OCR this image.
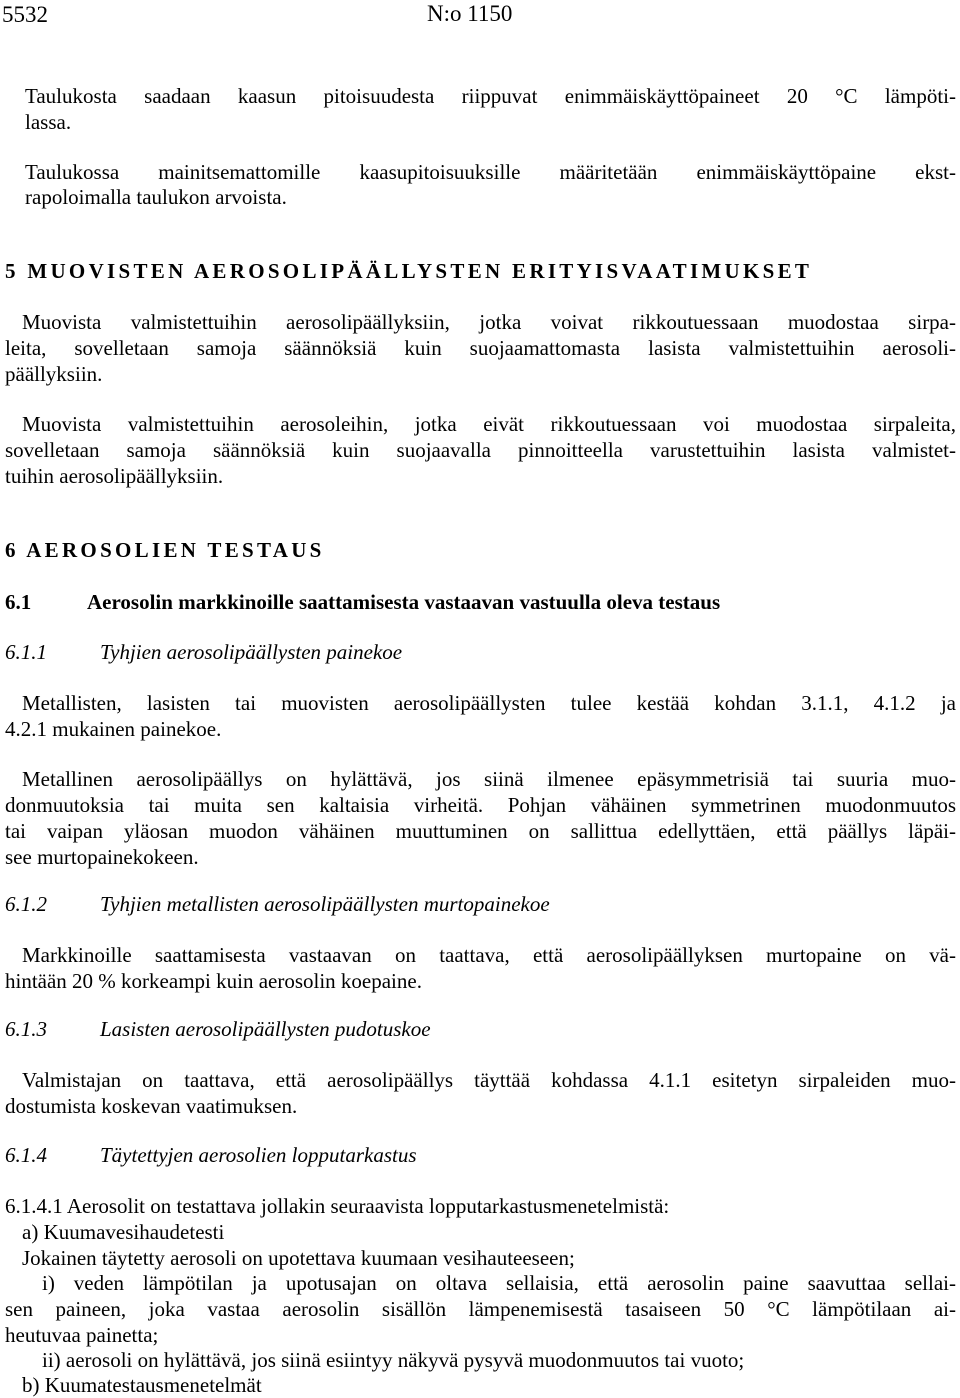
5532	N:o 1150
Taulukosta saadaan kaasun pitoisuudesta riippuvat enimmäiskäyttöpaineet 20 °C lämpöti-
lassa.
Taulukossa mainitsemattomille kaasupitoisuuksille määritetään enimmäiskäyttöpaine ekst-
rapoloimalla taulukon arvoista.
5 MUOVISTEN AEROSOLIPÄÄLLYSTEN ERITYISVAATIMUKSET
Muovista valmistettuihin aerosolipäällyksiin, jotka voivat rikkoutuessaan muodostaa sirpa-
leita, sovelletaan samoja säännöksiä kuin suojaamattomasta lasista valmistettuihin aerosoli-
päällyksiin.
Muovista valmistettuihin aerosoleihin, jotka eivät rikkoutuessaan voi muodostaa sirpaleita,
sovelletaan samoja säännöksiä kuin suojaavalla pinnoitteella varustettuihin lasista valmistet-
tuihin aerosolipäällyksiin.
6 AEROSOLIEN TESTAUS
6.1	Aerosolin markkinoille saattamisesta vastaavan vastuulla oleva testaus
6.1.1	Tyhjien aerosolipäällysten painekoe
Metallisten, lasisten tai muovisten aerosolipäällysten tulee kestää kohdan 3.1.1, 4.1.2 ja
4.2.1 mukainen painekoe.
Metallinen aerosolipäällys on hylättävä, jos siinä ilmenee epäsymmetrisiä tai suuria muo-
donmuutoksia tai muita sen kaltaisia virheitä. Pohjan vähäinen symmetrinen muodonmuutos
tai vaipan yläosan muodon vähäinen muuttuminen on sallittua edellyttäen, että päällys läpäi-
see murtopainekokeen.
6.1.2	Tyhjien metallisten aerosolipäällysten murtopainekoe
Markkinoille saattamisesta vastaavan on taattava, että aerosolipäällyksen murtopaine on vä-
hintään 20 % korkeampi kuin aerosolin koepaine.
6.1.3	Lasisten aerosolipäällysten pudotuskoe
Valmistajan on taattava, että aerosolipäällys täyttää kohdassa 4.1.1 esitetyn sirpaleiden muo-
dostumista koskevan vaatimuksen.
6.1.4	Täytettyjen aerosolien lopputarkastus
6.1.4.1 Aerosolit on testattava jollakin seuraavista lopputarkastusmenetelmistä:
a) Kuumavesihaudetesti
Jokainen täytetty aerosoli on upotettava kuumaan vesihauteeseen;
i) veden lämpötilan ja upotusajan on oltava sellaisia, että aerosolin paine saavuttaa sellai-
sen paineen, joka vastaa aerosolin sisällön lämpenemisestä tasaiseen 50 °C lämpötilaan ai-
heutuvaa painetta;
ii) aerosoli on hylättävä, jos siinä esiintyy näkyvä pysyvä muodonmuutos tai vuoto;
b) Kuumatestausmenetelmät
